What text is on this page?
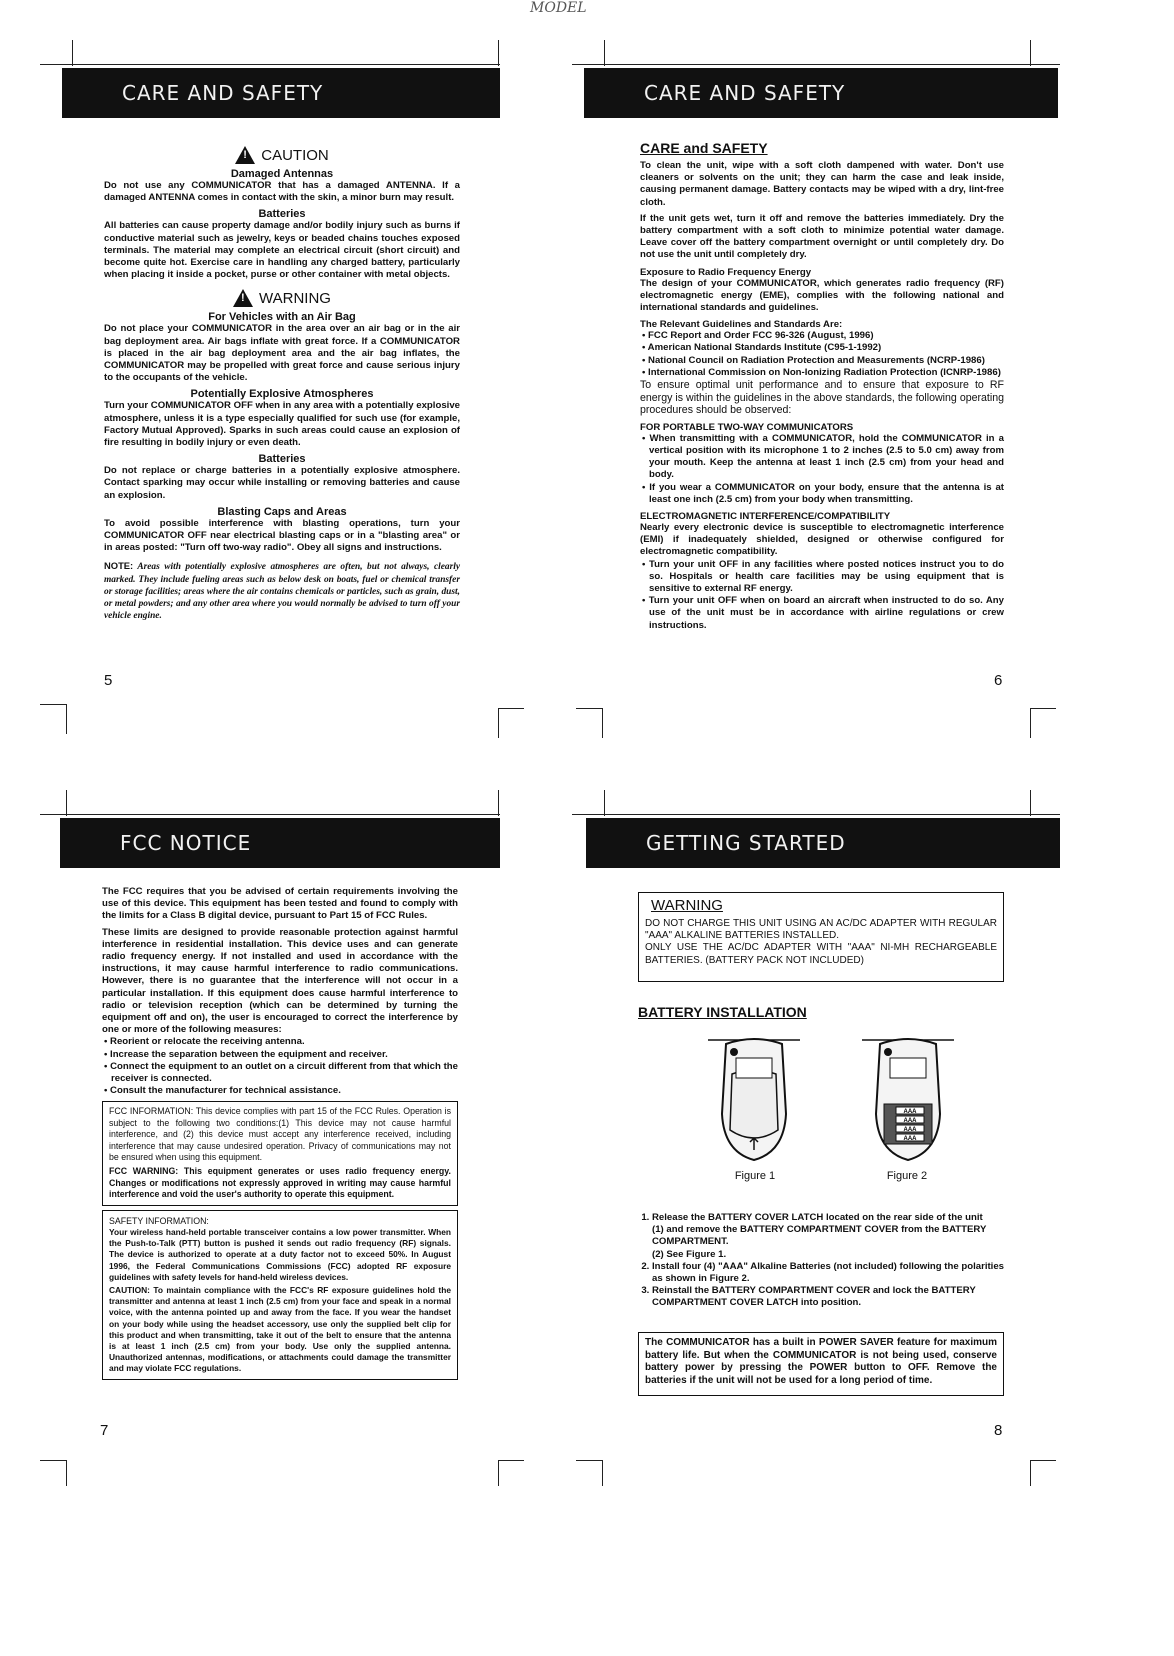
MODEL
CARE AND SAFETY
!
CAUTION

Damaged Antennas

Do not use any COMMUNICATOR that has a damaged ANTENNA. If a damaged ANTENNA comes in contact with the skin, a minor burn may result.

Batteries

All batteries can cause property damage and/or bodily injury such as burns if conductive material such as jewelry, keys or beaded chains touches exposed terminals. The material may complete an electrical circuit (short circuit) and become quite hot. Exercise care in handling any charged battery, particularly when placing it inside a pocket, purse or other container with metal objects.

!
WARNING

For Vehicles with an Air Bag

Do not place your COMMUNICATOR in the area over an air bag or in the air bag deployment area. Air bags inflate with great force. If a COMMUNICATOR is placed in the air bag deployment area and the air bag inflates, the COMMUNICATOR may be propelled with great force and cause serious injury to the occupants of the vehicle.

Potentially Explosive Atmospheres

Turn your COMMUNICATOR OFF when in any area with a potentially explosive atmosphere, unless it is a type especially qualified for such use (for example, Factory Mutual Approved). Sparks in such areas could cause an explosion of fire resulting in bodily injury or even death.

Batteries

Do not replace or charge batteries in a potentially explosive atmosphere. Contact sparking may occur while installing or removing batteries and cause an explosion.

Blasting Caps and Areas

To avoid possible interference with blasting operations, turn your COMMUNICATOR OFF near electrical blasting caps or in a "blasting area" or in areas posted: "Turn off two-way radio". Obey all signs and instructions.

NOTE: Areas with potentially explosive atmospheres are often, but not always, clearly marked. They include fueling areas such as below desk on boats, fuel or chemical transfer or storage facilities; areas where the air contains chemicals or particles, such as grain, dust, or metal powders; and any other area where you would normally be advised to turn off your vehicle engine.

5
CARE AND SAFETY

CARE and SAFETY

To clean the unit, wipe with a soft cloth dampened with water. Don't use cleaners or solvents on the unit; they can harm the case and leak inside, causing permanent damage. Battery contacts may be wiped with a dry, lint-free cloth.

If the unit gets wet, turn it off and remove the batteries immediately. Dry the battery compartment with a soft cloth to minimize potential water damage. Leave cover off the battery compartment overnight or until completely dry. Do not use the unit until completely dry.

Exposure to Radio Frequency Energy

The design of your COMMUNICATOR, which generates radio frequency (RF) electromagnetic energy (EME), complies with the following national and international standards and guidelines.

The Relevant Guidelines and Standards Are:

• FCC Report and Order FCC 96-326 (August, 1996)
• American National Standards Institute (C95-1-1992)
• National Council on Radiation Protection and Measurements (NCRP-1986)
• International Commission on Non-Ionizing Radiation Protection (ICNRP-1986)

To ensure optimal unit performance and to ensure that exposure to RF energy is within the guidelines in the above standards, the following operating procedures should be observed:

FOR PORTABLE TWO-WAY COMMUNICATORS

• When transmitting with a COMMUNICATOR, hold the COMMUNICATOR in a vertical position with its microphone 1 to 2 inches (2.5 to 5.0 cm) away from your mouth. Keep the antenna at least 1 inch (2.5 cm) from your head and body.
• If you wear a COMMUNICATOR on your body, ensure that the antenna is at least one inch (2.5 cm) from your body when transmitting.

ELECTROMAGNETIC INTERFERENCE/COMPATIBILITY

Nearly every electronic device is susceptible to electromagnetic interference (EMI) if inadequately shielded, designed or otherwise configured for electromagnetic compatibility.

• Turn your unit OFF in any facilities where posted notices instruct you to do so. Hospitals or health care facilities may be using equipment that is sensitive to external RF energy.
• Turn your unit OFF when on board an aircraft when instructed to do so. Any use of the unit must be in accordance with airline regulations or crew instructions.
6
FCC NOTICE

The FCC requires that you be advised of certain requirements involving the use of this device. This equipment has been tested and found to comply with the limits for a Class B digital device, pursuant to Part 15 of FCC Rules.

These limits are designed to provide reasonable protection against harmful interference in residential installation. This device uses and can generate radio frequency energy. If not installed and used in accordance with the instructions, it may cause harmful interference to radio communications. However, there is no guarantee that the interference will not occur in a particular installation. If this equipment does cause harmful interference to radio or television reception (which can be determined by turning the equipment off and on), the user is encouraged to correct the interference by one or more of the following measures:

• Reorient or relocate the receiving antenna.
• Increase the separation between the equipment and receiver.
• Connect the equipment to an outlet on a circuit different from that which the receiver is connected.
• Consult the manufacturer for technical assistance.

FCC INFORMATION: This device complies with part 15 of the FCC Rules. Operation is subject to the following two conditions:(1) This device may not cause harmful interference, and (2) this device must accept any interference received, including interference that may cause undesired operation. Privacy of communications may not be ensured when using this equipment.

FCC WARNING: This equipment generates or uses radio frequency energy. Changes or modifications not expressly approved in writing may cause harmful interference and void the user's authority to operate this equipment.

SAFETY INFORMATION:

Your wireless hand-held portable transceiver contains a low power transmitter. When the Push-to-Talk (PTT) button is pushed it sends out radio frequency (RF) signals. The device is authorized to operate at a duty factor not to exceed 50%. In August 1996, the Federal Communications Commissions (FCC) adopted RF exposure guidelines with safety levels for hand-held wireless devices.

CAUTION: To maintain compliance with the FCC's RF exposure guidelines hold the transmitter and antenna at least 1 inch (2.5 cm) from your face and speak in a normal voice, with the antenna pointed up and away from the face. If you wear the handset on your body while using the headset accessory, use only the supplied belt clip for this product and when transmitting, take it out of the belt to ensure that the antenna is at least 1 inch (2.5 cm) from your body. Use only the supplied antenna. Unauthorized antennas, modifications, or attachments could damage the transmitter and may violate FCC regulations.

7
GETTING STARTED

WARNING

DO NOT CHARGE THIS UNIT USING AN AC/DC ADAPTER WITH REGULAR "AAA" ALKALINE BATTERIES INSTALLED.

ONLY USE THE AC/DC ADAPTER WITH "AAA" NI-MH RECHARGEABLE BATTERIES. (BATTERY PACK NOT INCLUDED)

BATTERY INSTALLATION

Figure 1
AAA
AAA
AAA
AAA
Figure 2
1. Release the BATTERY COVER LATCH located on the rear side of the unit
(1) and remove the BATTERY COMPARTMENT COVER from the BATTERY COMPARTMENT.
(2) See Figure 1.
2. Install four (4) "AAA" Alkaline Batteries (not included) following the polarities as shown in Figure 2.
3. Reinstall the BATTERY COMPARTMENT COVER and lock the BATTERY COMPARTMENT COVER LATCH into position.

The COMMUNICATOR has a built in POWER SAVER feature for maximum battery life. But when the COMMUNICATOR is not being used, conserve battery power by pressing the POWER button to OFF. Remove the batteries if the unit will not be used for a long period of time.

8
